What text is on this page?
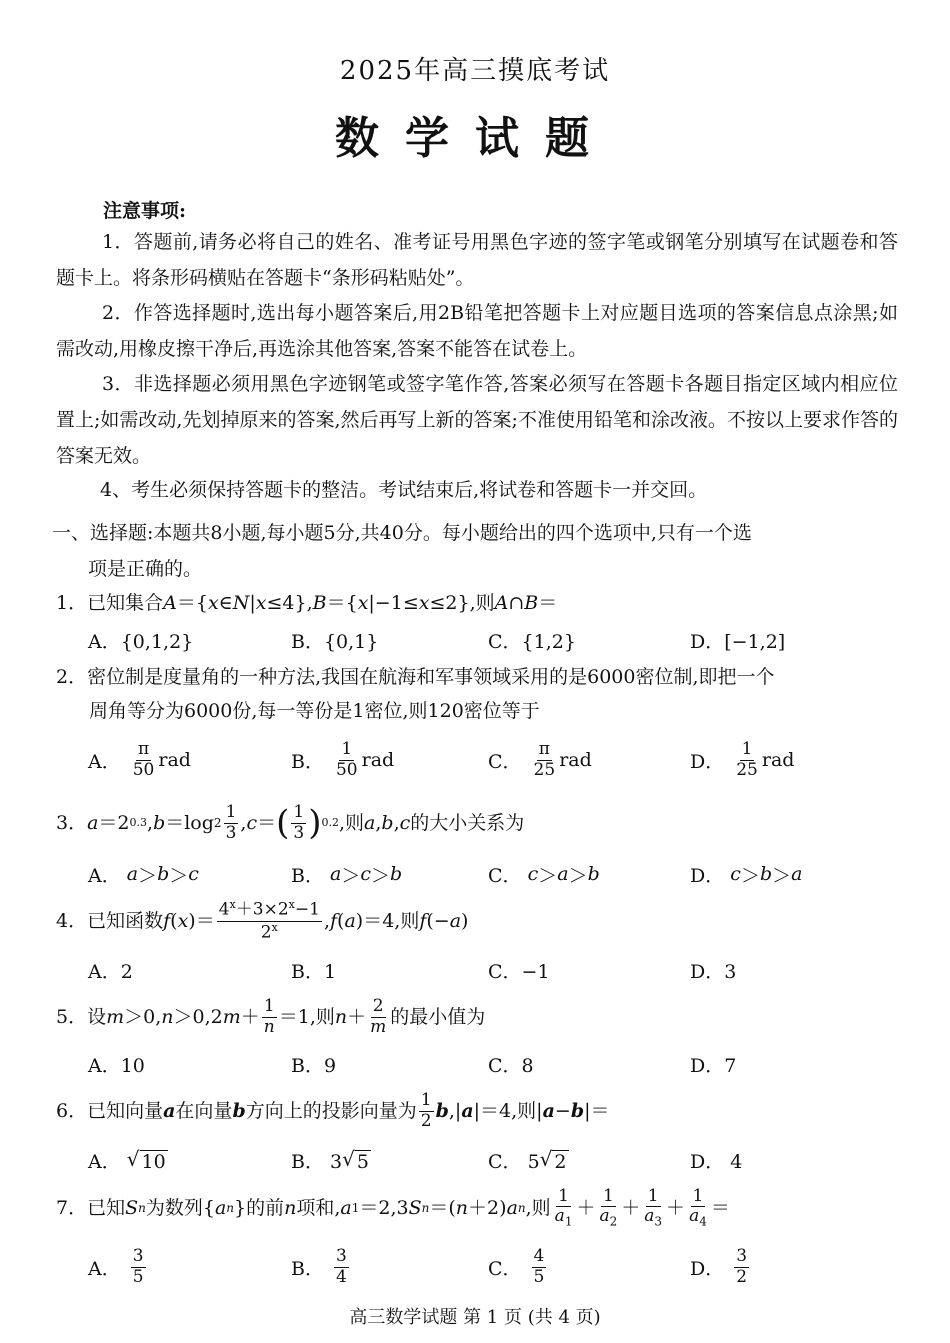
2025年高三摸底考试
数学试题
注意事项:
1．答题前,请务必将自己的姓名、准考证号用黑色字迹的签字笔或钢笔分别填写在试题卷和答题卡上。将条形码横贴在答题卡“条形码粘贴处”。
2．作答选择题时,选出每小题答案后,用2B铅笔把答题卡上对应题目选项的答案信息点涂黑;如需改动,用橡皮擦干净后,再选涂其他答案,答案不能答在试卷上。
3．非选择题必须用黑色字迹钢笔或签字笔作答,答案必须写在答题卡各题目指定区域内相应位置上;如需改动,先划掉原来的答案,然后再写上新的答案;不准使用铅笔和涂改液。不按以上要求作答的答案无效。
4、考生必须保持答题卡的整洁。考试结束后,将试卷和答题卡一并交回。
一、选择题:本题共8小题,每小题5分,共40分。每小题给出的四个选项中,只有一个选
项是正确的。
1．已知集合A＝{x∈N|x≤4},B＝{x|−1≤x≤2},则A∩B＝
A．{0,1,2}	B．{0,1}	C．{1,2}	D．[−1,2]
2．密位制是度量角的一种方法,我国在航海和军事领域采用的是6000密位制,即把一个
周角等分为6000份,每一等份是1密位,则120密位等于
A． $\frac{\pi}{50}$ rad	B． $\frac{1}{50}$ rad	C． $\frac{\pi}{25}$ rad	D． $\frac{1}{25}$ rad
3． a ＝2 0.3 , b ＝log $2 \frac{1}{3}$ , c ＝ ( $\frac{1}{3}$ ) 0.2 ,则 a , b , c 的大小关系为
A． a ＞ b ＞ c	B． a ＞ c ＞ b	C． c ＞ a ＞ b	D． c ＞ b ＞ a
4． 已知函数 f ( x )＝ $\frac{4^x+3\times 2^x-1}{2^x}$ , f ( a )＝4,则 f (− a )
A．2	B．1	C．−1	D．3
5． 设 m ＞0, n ＞0,2 $m + \frac{1}{n} =1$,则 $n + \frac{2}{m}$ 的最小值为
A．10	B．9	C．8	D．7
6． 已知向量 a 在向量 b 方向上的投影向量为 $\frac{1}{2}$ b ,| a |＝4,则| a − b |＝
A． √ 10	B． 3 √ 5	C． 5 √ 2	D． 4
7． 已知 S n 为数列{ a n }的前 n 项和, a 1 ＝2,3 S n ＝( n ＋2) a n ,则 $\frac{1}{a_1} + \frac{1}{a_2} + \frac{1}{a_3} + \frac{1}{a_4}$ ＝
A． $\frac{3}{5}$	B． $\frac{3}{4}$	C． $\frac{4}{5}$	D． $\frac{3}{2}$
高三数学试题 第 1 页 (共 4 页)
